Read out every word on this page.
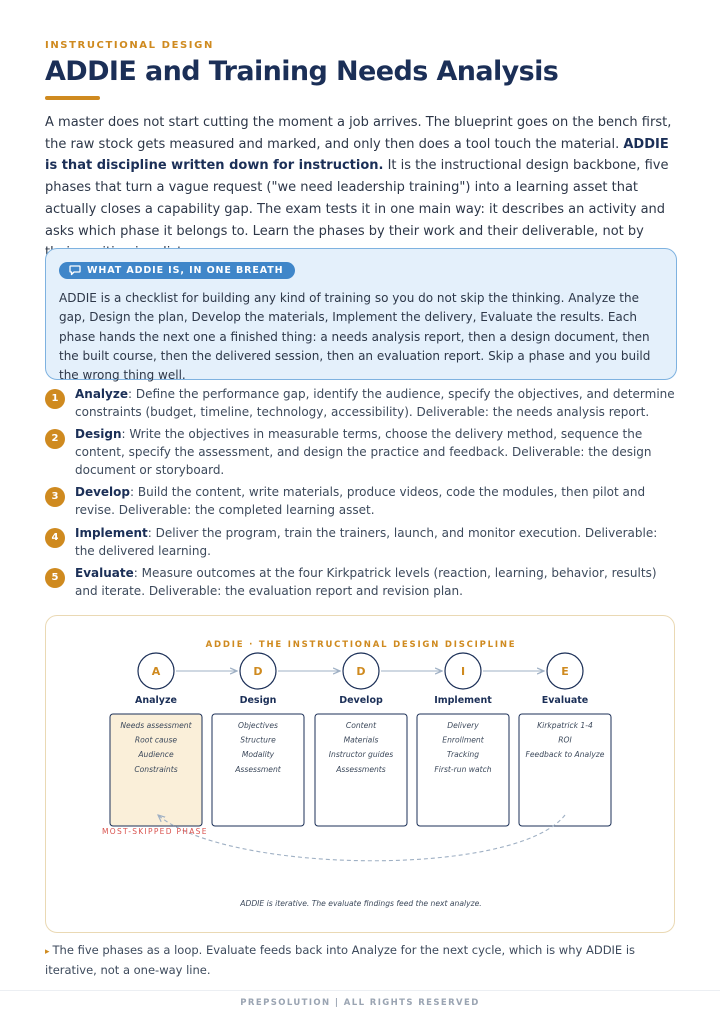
INSTRUCTIONAL DESIGN
ADDIE and Training Needs Analysis

A master does not start cutting the moment a job arrives. The blueprint goes on the bench first, the raw stock gets measured and marked, and only then does a tool touch the material. ADDIE is that discipline written down for instruction. It is the instructional design backbone, five phases that turn a vague request ("we need leadership training") into a learning asset that actually closes a capability gap. The exam tests it in one main way: it describes an activity and asks which phase it belongs to. Learn the phases by their work and their deliverable, not by

WHAT ADDIE IS, IN ONE BREATH

ADDIE is a checklist for building any kind of training so you do not skip the thinking. Analyze the gap, Design the plan, Develop the materials, Implement the delivery, Evaluate the results. Each phase hands the next one a finished thing: a needs analysis report, then a design document, then the built course, then the delivered session, then an evaluation report. Skip a phase and you build the wrong thing well.

1	Analyze: Define the performance gap, identify the audience, specify the objectives, and determine constraints (budget, timeline, technology, accessibility). Deliverable: the needs analysis report.
2	Design: Write the objectives in measurable terms, choose the delivery method, sequence the content, specify the assessment, and design the practice and feedback. Deliverable: the design document or storyboard.
3	Develop: Build the content, write materials, produce videos, code the modules, then pilot and revise. Deliverable: the completed learning asset.
4	Implement: Deliver the program, train the trainers, launch, and monitor execution. Deliverable: the delivered learning.
5	Evaluate: Measure outcomes at the four Kirkpatrick levels (reaction, learning, behavior, results) and iterate. Deliverable: the evaluation report and revision plan.
ADDIE · THE INSTRUCTIONAL DESIGN DISCIPLINE
A
Analyze
Needs assessment
Root cause
Audience
Constraints
D
Design
Objectives
Structure
Modality
Assessment
D
Develop
Content
Materials
Instructor guides
Assessments
I
Implement
Delivery
Enrollment
Tracking
First-run watch
E
Evaluate
Kirkpatrick 1-4
ROI
Feedback to Analyze
MOST-SKIPPED PHASE
ADDIE is iterative. The evaluate findings feed the next analyze.

▸ The five phases as a loop. Evaluate feeds back into Analyze for the next cycle, which is why ADDIE is iterative, not a one-way line.

PREPSOLUTION | ALL RIGHTS RESERVED
